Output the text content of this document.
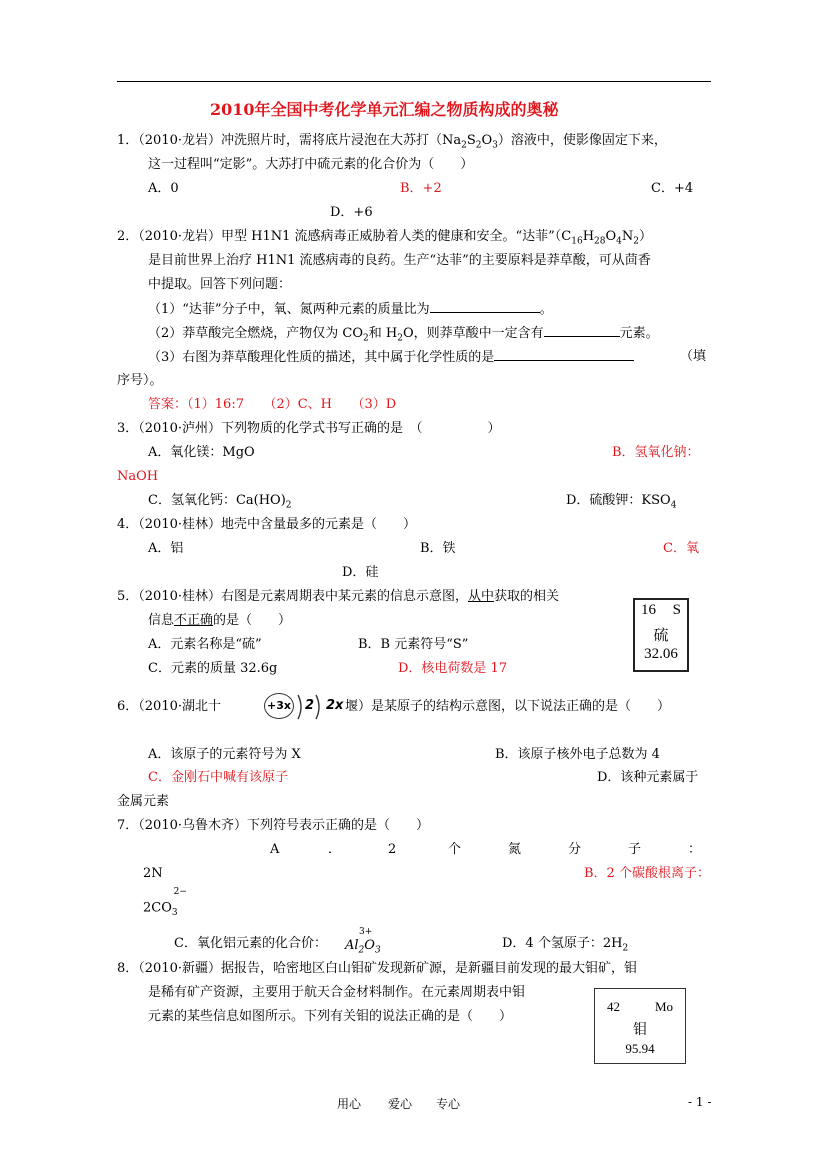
2010年全国中考化学单元汇编之物质构成的奥秘
1．（2010·龙岩）冲洗照片时，需将底片浸泡在大苏打$(Na_2S_2O_3)$溶液中，使影像固定下来，
这一过程叫“定影”。大苏打中硫元素的化合价为（　　）
A．0	B．+2	C．+4
D．+6
2．（2010·龙岩）甲型 H1N1 流感病毒正威胁着人类的健康和安全。“达菲$”(C_{16}H_{28}O_4N_2)$
是目前世界上治疗 H1N1 流感病毒的良药。生产“达菲”的主要原料是莽草酸，可从茴香
中提取。回答下列问题：
（1）“达菲”分子中，氧、氮两种元素的质量比为	。
（2）莽草酸完全燃烧，产物仅为 $CO_2$和 $H_2O$，则莽草酸中一定含有	元素。
（3）右图为莽草酸理化性质的描述，其中属于化学性质的是	（填
序号）。
答案：（1）16:7　　（2）C、H　　（3）D
3．（2010·泸州）下列物质的化学式书写正确的是　（　　　　　）
A．氧化镁：MgO	B．氢氧化钠：
NaOH
C．氢氧化钙：$Ca(HO)_2$	D．硫酸钾：$KSO_4$
4．（2010·桂林）地壳中含量最多的元素是（　　）
A．铝	B．铁	C．氧
D．硅
5．（2010·桂林）右图是元素周期表中某元素的信息示意图，从中获取的相关
信息不正确的是（　　）
A．元素名称是“硫”	B．B 元素符号“S”
C．元素的质量 32.6g	D．核电荷数是 17
16 S
硫
32.06
6．（2010·湖北十	+3x 2 2x 堰）是某原子的结构示意图，以下说法正确的是（　　）
A．该原子的元素符号为 X	B．该原子核外电子总数为 4
C．金刚石中喊有该原子	D．该种元素属于
金属元素
7．（2010·乌鲁木齐）下列符号表示正确的是（　　）
A	．	2	个	氮	分	子	：
2N	B．2 个碳酸根离子：
$2CO_3^{2-}$
C．氧化铝元素的化合价：
3+
$Al_2O_3$	D．4 个氢原子：$2H_2$
8．（2010·新疆）据报告，哈密地区白山钼矿发现新矿源，是新疆目前发现的最大钼矿，钼
是稀有矿产资源，主要用于航天合金材料制作。在元素周期表中钼
元素的某些信息如图所示。下列有关钼的说法正确的是（　　）
42	Mo
钼
95.94
用心 爱心 专心	- 1 -
